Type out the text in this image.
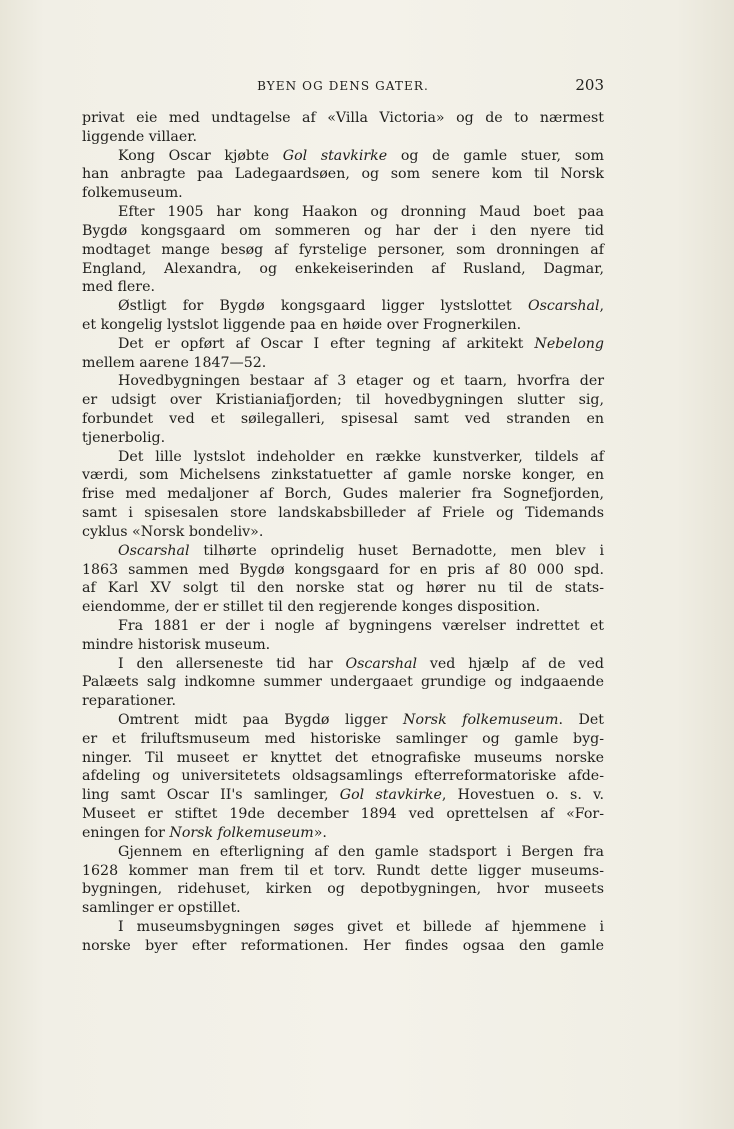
BYEN OG DENS GATER.	203
privat eie med undtagelse af «Villa Victoria» og de to nærmest
liggende villaer.
Kong Oscar kjøbte Gol stavkirke og de gamle stuer, som
han anbragte paa Ladegaardsøen, og som senere kom til Norsk
folkemuseum.
Efter 1905 har kong Haakon og dronning Maud boet paa
Bygdø kongsgaard om sommeren og har der i den nyere tid
modtaget mange besøg af fyrstelige personer, som dronningen af
England, Alexandra, og enkekeiserinden af Rusland, Dagmar,
med flere.
Østligt for Bygdø kongsgaard ligger lystslottet Oscarshal,
et kongelig lystslot liggende paa en høide over Frognerkilen.
Det er opført af Oscar I efter tegning af arkitekt Nebelong
mellem aarene 1847—52.
Hovedbygningen bestaar af 3 etager og et taarn, hvorfra der
er udsigt over Kristianiafjorden; til hovedbygningen slutter sig,
forbundet ved et søilegalleri, spisesal samt ved stranden en
tjenerbolig.
Det lille lystslot indeholder en række kunstverker, tildels af
værdi, som Michelsens zinkstatuetter af gamle norske konger, en
frise med medaljoner af Borch, Gudes malerier fra Sognefjorden,
samt i spisesalen store landskabsbilleder af Friele og Tidemands
cyklus «Norsk bondeliv».
Oscarshal tilhørte oprindelig huset Bernadotte, men blev i
1863 sammen med Bygdø kongsgaard for en pris af 80 000 spd.
af Karl XV solgt til den norske stat og hører nu til de stats-
eiendomme, der er stillet til den regjerende konges disposition.
Fra 1881 er der i nogle af bygningens værelser indrettet et
mindre historisk museum.
I den allerseneste tid har Oscarshal ved hjælp af de ved
Palæets salg indkomne summer undergaaet grundige og indgaaende
reparationer.
Omtrent midt paa Bygdø ligger Norsk folkemuseum. Det
er et friluftsmuseum med historiske samlinger og gamle byg-
ninger. Til museet er knyttet det etnografiske museums norske
afdeling og universitetets oldsagsamlings efterreformatoriske afde-
ling samt Oscar II's samlinger, Gol stavkirke, Hovestuen o. s. v.
Museet er stiftet 19de december 1894 ved oprettelsen af «For-
eningen for Norsk folkemuseum».
Gjennem en efterligning af den gamle stadsport i Bergen fra
1628 kommer man frem til et torv. Rundt dette ligger museums-
bygningen, ridehuset, kirken og depotbygningen, hvor museets
samlinger er opstillet.
I museumsbygningen søges givet et billede af hjemmene i
norske byer efter reformationen. Her findes ogsaa den gamle
